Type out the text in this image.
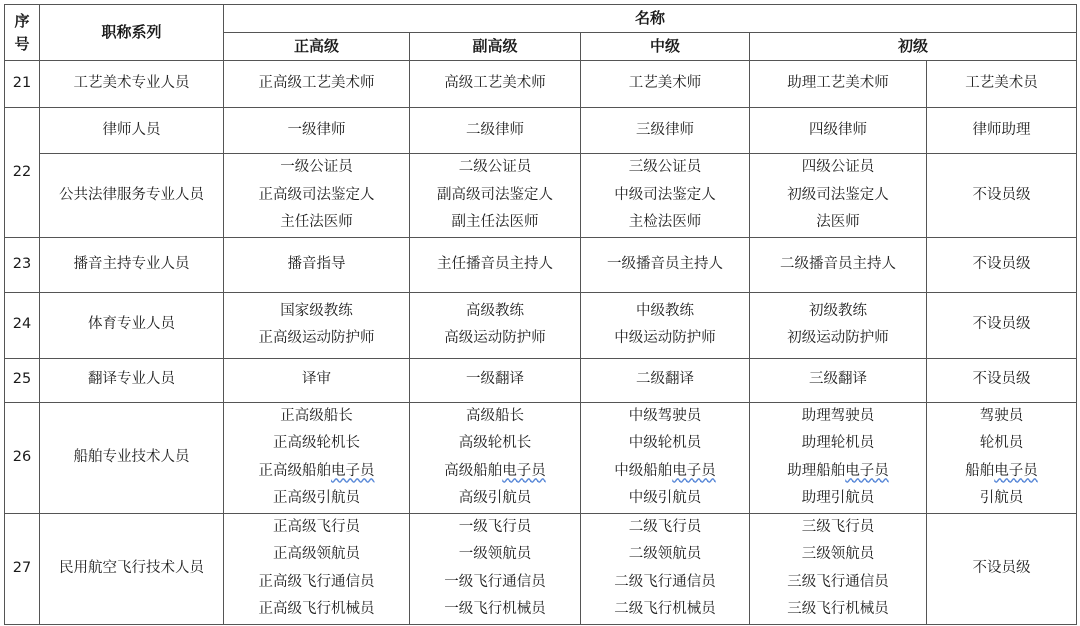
序
号	职称系列	名称				
		正高级	副高级	中级	初级	
21	工艺美术专业人员	正高级工艺美术师	高级工艺美术师	工艺美术师	助理工艺美术师	工艺美术员

22	律师人员	一级律师	二级律师	三级律师	四级律师	律师助理

	公共法律服务专业人员	一级公证员
正高级司法鉴定人
主任法医师	二级公证员
副高级司法鉴定人
副主任法医师	三级公证员
中级司法鉴定人
主检法医师	四级公证员
初级司法鉴定人
法医师	不设员级

23	播音主持专业人员	播音指导	主任播音员主持人	一级播音员主持人	二级播音员主持人	不设员级

24	体育专业人员	国家级教练
正高级运动防护师	高级教练
高级运动防护师	中级教练
中级运动防护师	初级教练
初级运动防护师	不设员级

25	翻译专业人员	译审	一级翻译	二级翻译	三级翻译	不设员级

26	船舶专业技术人员	正高级船长
正高级轮机长
正高级船舶电子员
正高级引航员	高级船长
高级轮机长
高级船舶电子员
高级引航员	中级驾驶员
中级轮机员
中级船舶电子员
中级引航员	助理驾驶员
助理轮机员
助理船舶电子员
助理引航员	驾驶员
轮机员
船舶电子员
引航员

27	民用航空飞行技术人员	正高级飞行员
正高级领航员
正高级飞行通信员
正高级飞行机械员	一级飞行员
一级领航员
一级飞行通信员
一级飞行机械员	二级飞行员
二级领航员
二级飞行通信员
二级飞行机械员	三级飞行员
三级领航员
三级飞行通信员
三级飞行机械员	不设员级
